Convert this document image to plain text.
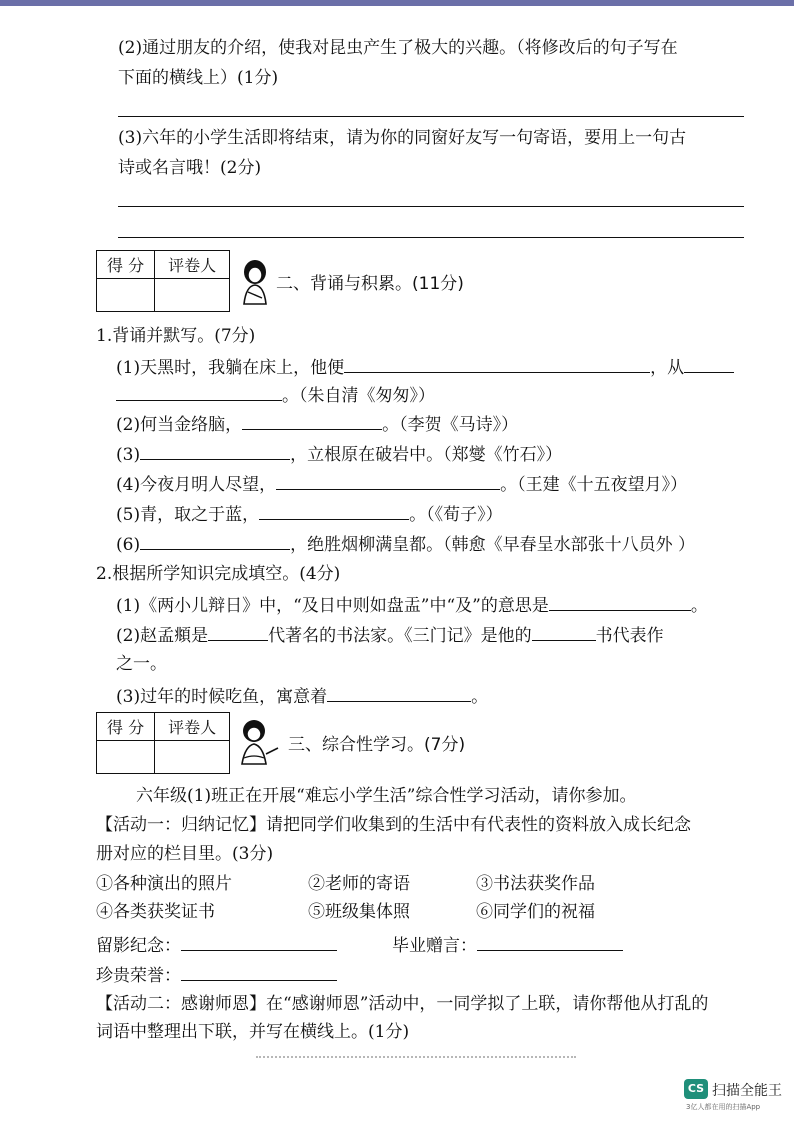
(2)通过朋友的介绍，使我对昆虫产生了极大的兴趣。（将修改后的句子写在
下面的横线上）(1分)
(3)六年的小学生活即将结束，请为你的同窗好友写一句寄语，要用上一句古
诗或名言哦！(2分)
得 分	评卷人

二、背诵与积累。(11分)
1.背诵并默写。(7分)
(1)天黑时，我躺在床上，他便	，从
。（朱自清《匆匆》）
(2)何当金络脑，	。（李贺《马诗》）
(3)	，立根原在破岩中。（郑燮《竹石》）
(4)今夜月明人尽望，	。（王建《十五夜望月》）
(5)青，取之于蓝，	。（《荀子》）
(6)	，绝胜烟柳满皇都。（韩愈《早春呈水部张十八员外 ）
2.根据所学知识完成填空。(4分)
(1)《两小儿辩日》中，“及日中则如盘盂”中“及”的意思是	。
(2)赵孟頫是	代著名的书法家。《三门记》是他的	书代表作
之一。
(3)过年的时候吃鱼，寓意着	。
得 分	评卷人

三、综合性学习。(7分)
六年级(1)班正在开展“难忘小学生活”综合性学习活动，请你参加。
【活动一：归纳记忆】请把同学们收集到的生活中有代表性的资料放入成长纪念
册对应的栏目里。(3分)
①各种演出的照片	②老师的寄语	③书法获奖作品
④各类获奖证书	⑤班级集体照	⑥同学们的祝福
留影纪念：	毕业赠言：
珍贵荣誉：
【活动二：感谢师恩】在“感谢师恩”活动中，一同学拟了上联，请你帮他从打乱的
词语中整理出下联，并写在横线上。(1分)
CS 扫描全能王
3亿人都在用的扫描App
